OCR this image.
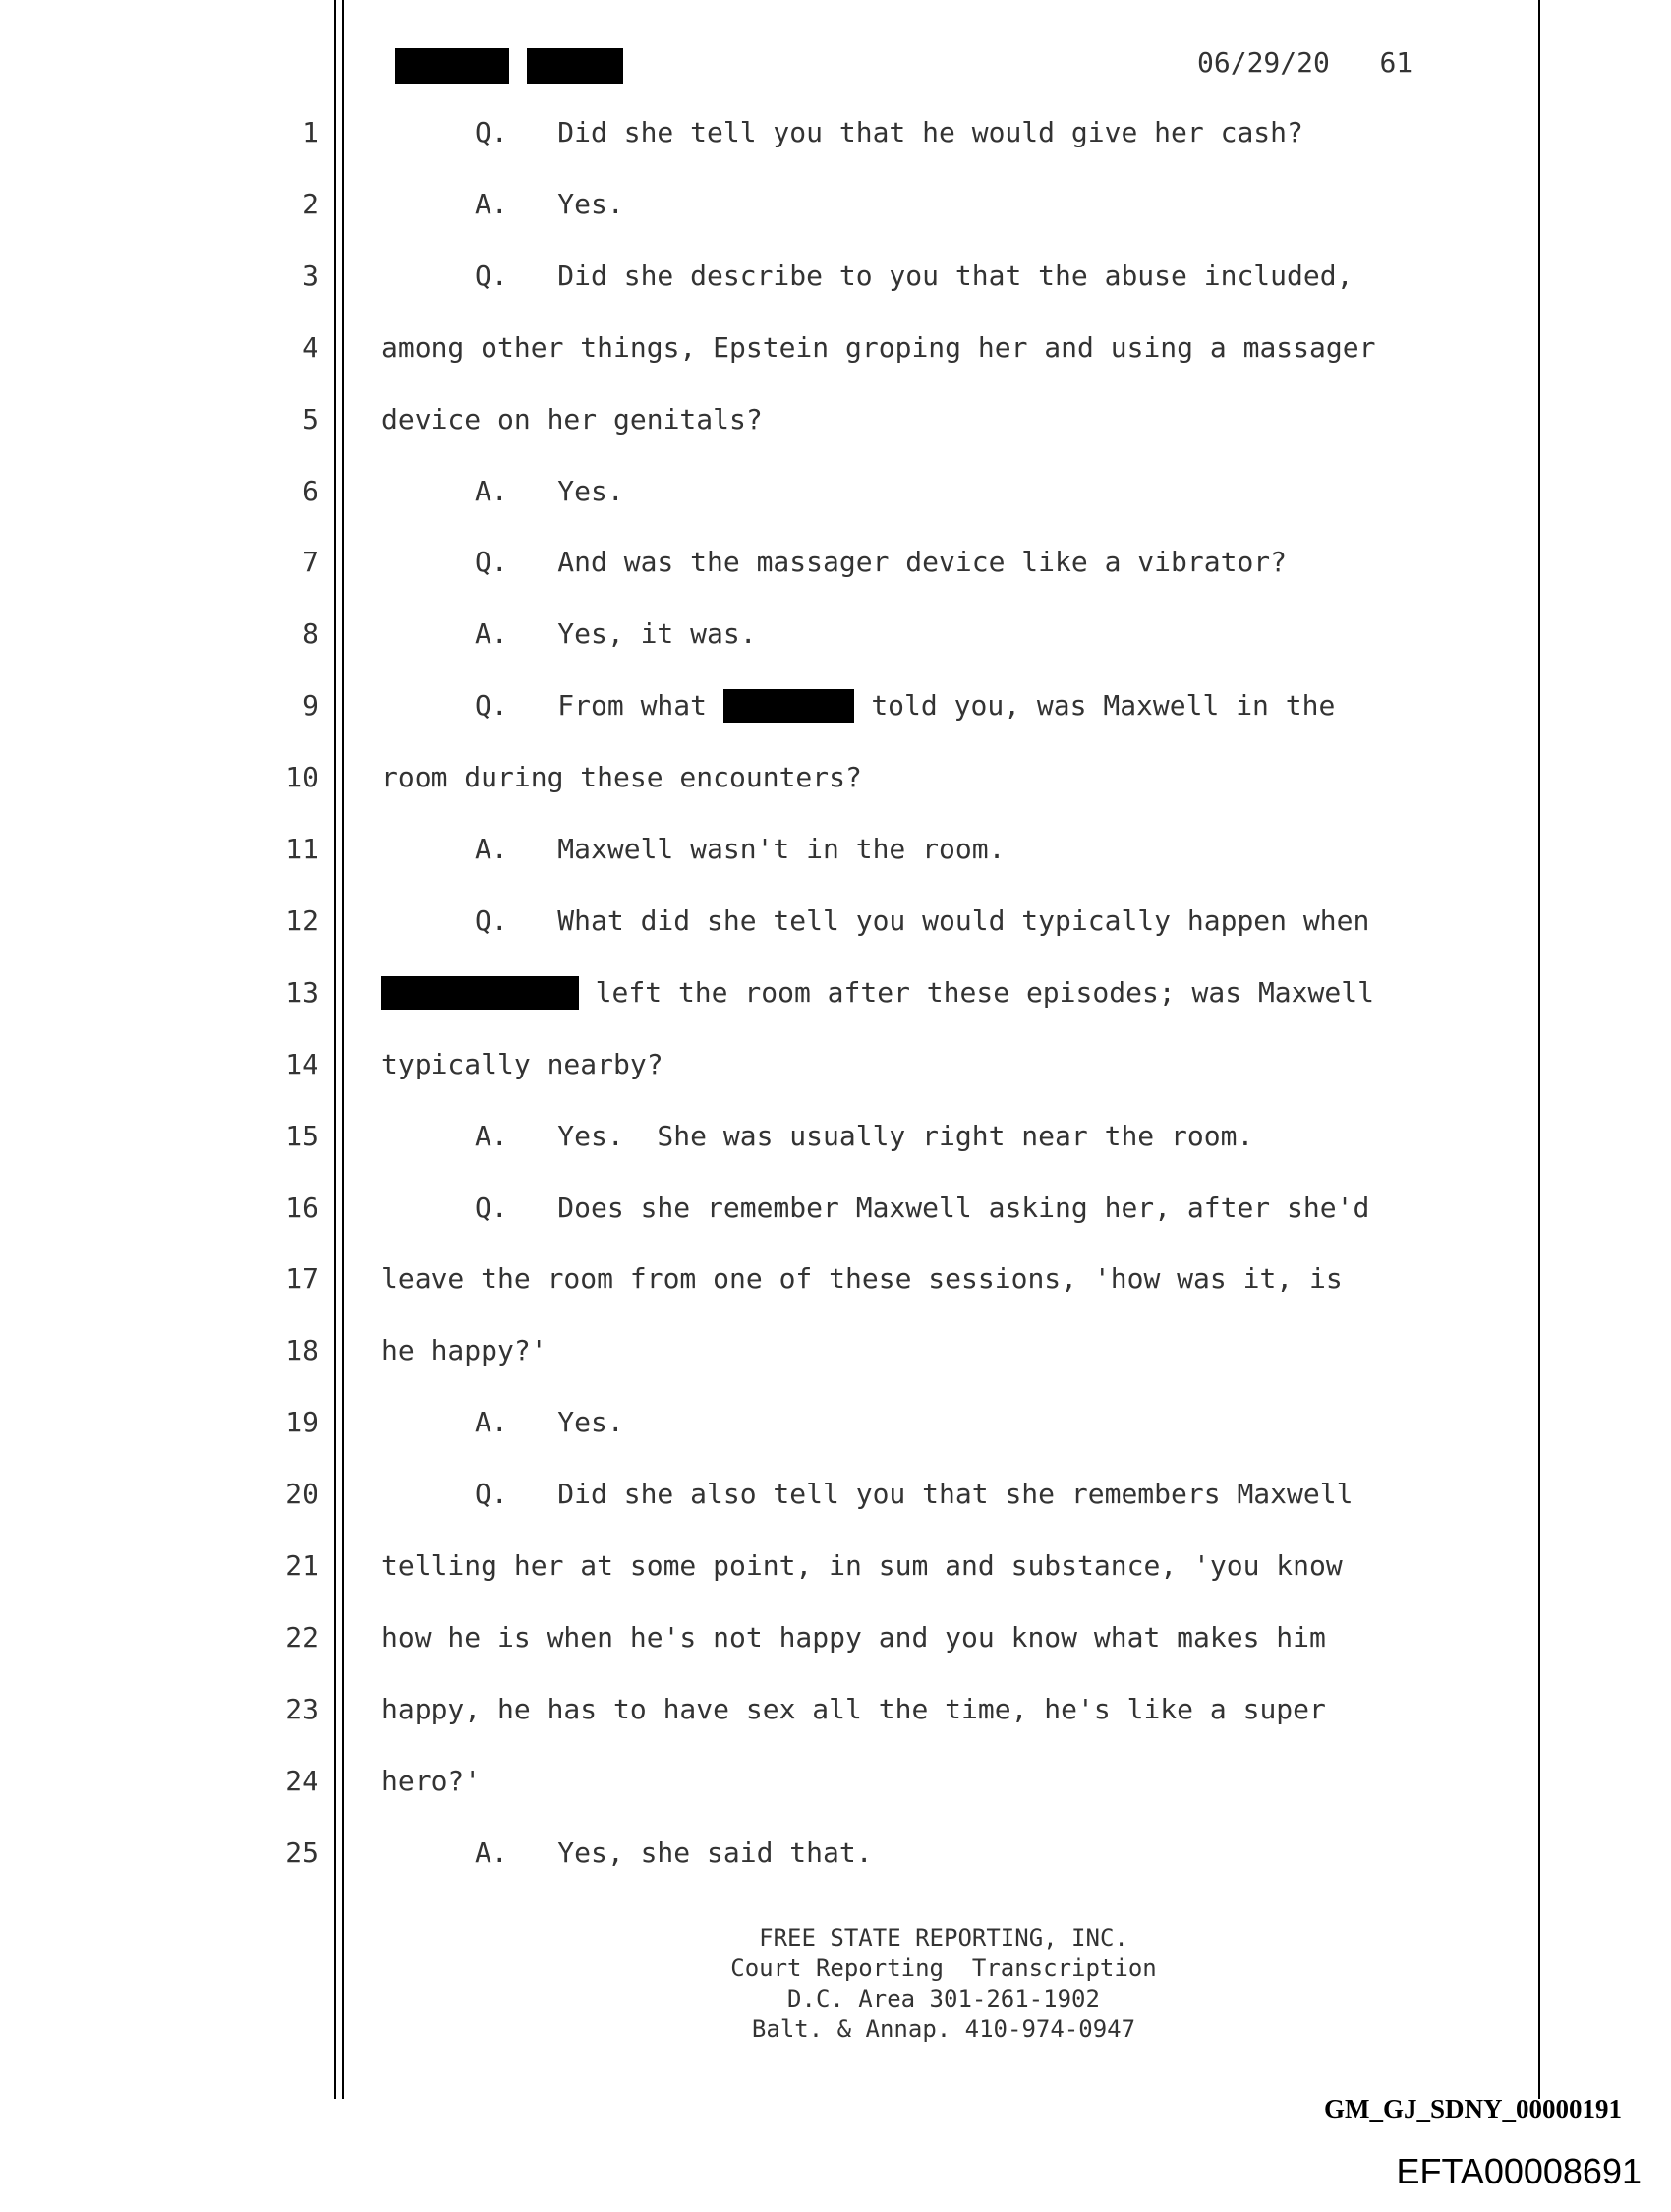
06/29/20 61
1	Q.   Did she tell you that he would give her cash?
2	A.   Yes.
3	Q.   Did she describe to you that the abuse included,
4 among other things, Epstein groping her and using a massager
5 device on her genitals?
6	A.   Yes.
7	Q.   And was the massager device like a vibrator?
8	A.   Yes, it was.
9	Q.   From what	told you, was Maxwell in the
10 room during these encounters?
11	A.   Maxwell wasn't in the room.
12	Q.   What did she tell you would typically happen when
13	left the room after these episodes; was Maxwell
14 typically nearby?
15	A.   Yes.  She was usually right near the room.
16	Q.   Does she remember Maxwell asking her, after she'd
17 leave the room from one of these sessions, 'how was it, is
18 he happy?'
19	A.   Yes.
20	Q.   Did she also tell you that she remembers Maxwell
21 telling her at some point, in sum and substance, 'you know
22 how he is when he's not happy and you know what makes him
23 happy, he has to have sex all the time, he's like a super
24 hero?'
25	A.   Yes, she said that.
FREE STATE REPORTING, INC.
Court Reporting  Transcription
D.C. Area 301-261-1902
Balt. & Annap. 410-974-0947
GM_GJ_SDNY_00000191
EFTA00008691
